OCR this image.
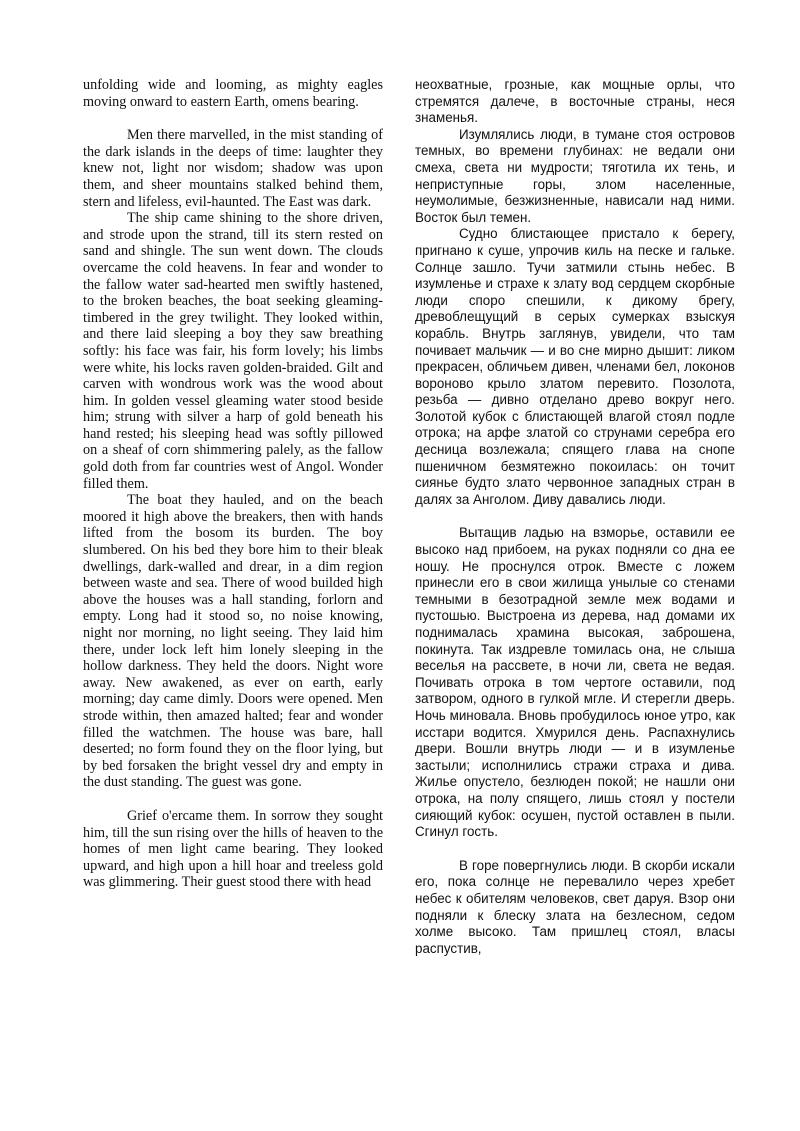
unfolding wide and looming, as mighty eagles moving onward to eastern Earth, omens bearing.

Men there marvelled, in the mist standing of the dark islands in the deeps of time: laughter they knew not, light nor wisdom; shadow was upon them, and sheer mountains stalked behind them, stern and lifeless, evil-haunted. The East was dark.

The ship came shining to the shore driven, and strode upon the strand, till its stern rested on sand and shingle. The sun went down. The clouds overcame the cold heavens. In fear and wonder to the fallow water sad-hearted men swiftly hastened, to the broken beaches, the boat seeking gleaming-timbered in the grey twilight. They looked within, and there laid sleeping a boy they saw breathing softly: his face was fair, his form lovely; his limbs were white, his locks raven golden-braided. Gilt and carven with wondrous work was the wood about him. In golden vessel gleaming water stood beside him; strung with silver a harp of gold beneath his hand rested; his sleeping head was softly pillowed on a sheaf of corn shimmering palely, as the fallow gold doth from far countries west of Angol. Wonder filled them.

The boat they hauled, and on the beach moored it high above the breakers, then with hands lifted from the bosom its burden. The boy slumbered. On his bed they bore him to their bleak dwellings, dark-walled and drear, in a dim region between waste and sea. There of wood builded high above the houses was a hall standing, forlorn and empty. Long had it stood so, no noise knowing, night nor morning, no light seeing. They laid him there, under lock left him lonely sleeping in the hollow darkness. They held the doors. Night wore away. New awakened, as ever on earth, early morning; day came dimly. Doors were opened. Men strode within, then amazed halted; fear and wonder filled the watchmen. The house was bare, hall deserted; no form found they on the floor lying, but by bed forsaken the bright vessel dry and empty in the dust standing. The guest was gone.

Grief o'ercame them. In sorrow they sought him, till the sun rising over the hills of heaven to the homes of men light came bearing. They looked upward, and high upon a hill hoar and treeless gold was glimmering. Their guest stood there with head

неохватные, грозные, как мощные орлы, что стремятся далече, в восточные страны, неся знаменья.

Изумлялись люди, в тумане стоя островов темных, во времени глубинах: не ведали они смеха, света ни мудрости; тяготила их тень, и неприступные горы, злом населенные, неумолимые, безжизненные, нависали над ними. Восток был темен.

Судно блистающее пристало к берегу, пригнано к суше, упрочив киль на песке и гальке. Солнце зашло. Тучи затмили стынь небес. В изумленье и страхе к злату вод сердцем скорбные люди споро спешили, к дикому брегу, древоблещущий в серых сумерках взыскуя корабль. Внутрь заглянув, увидели, что там почивает мальчик — и во сне мирно дышит: ликом прекрасен, обличьем дивен, членами бел, локонов вороново крыло златом перевито. Позолота, резьба — дивно отделано древо вокруг него. Золотой кубок с блистающей влагой стоял подле отрока; на арфе златой со струнами серебра его десница возлежала; спящего глава на снопе пшеничном безмятежно покоилась: он точит сиянье будто злато червонное западных стран в далях за Анголом. Диву давались люди.

Вытащив ладью на взморье, оставили ее высоко над прибоем, на руках подняли со дна ее ношу. Не проснулся отрок. Вместе с ложем принесли его в свои жилища унылые со стенами темными в безотрадной земле меж водами и пустошью. Выстроена из дерева, над домами их поднималась храмина высокая, заброшена, покинута. Так издревле томилась она, не слыша веселья на рассвете, в ночи ли, света не ведая. Почивать отрока в том чертоге оставили, под затвором, одного в гулкой мгле. И стерегли дверь. Ночь миновала. Вновь пробудилось юное утро, как исстари водится. Хмурился день. Распахнулись двери. Вошли внутрь люди — и в изумленье застыли; исполнились стражи страха и дива. Жилье опустело, безлюден покой; не нашли они отрока, на полу спящего, лишь стоял у постели сияющий кубок: осушен, пустой оставлен в пыли. Сгинул гость.

В горе повергнулись люди. В скорби искали его, пока солнце не перевалило через хребет небес к обителям человеков, свет даруя. Взор они подняли к блеску злата на безлесном, седом холме высоко. Там пришлец стоял, власы распустив,
